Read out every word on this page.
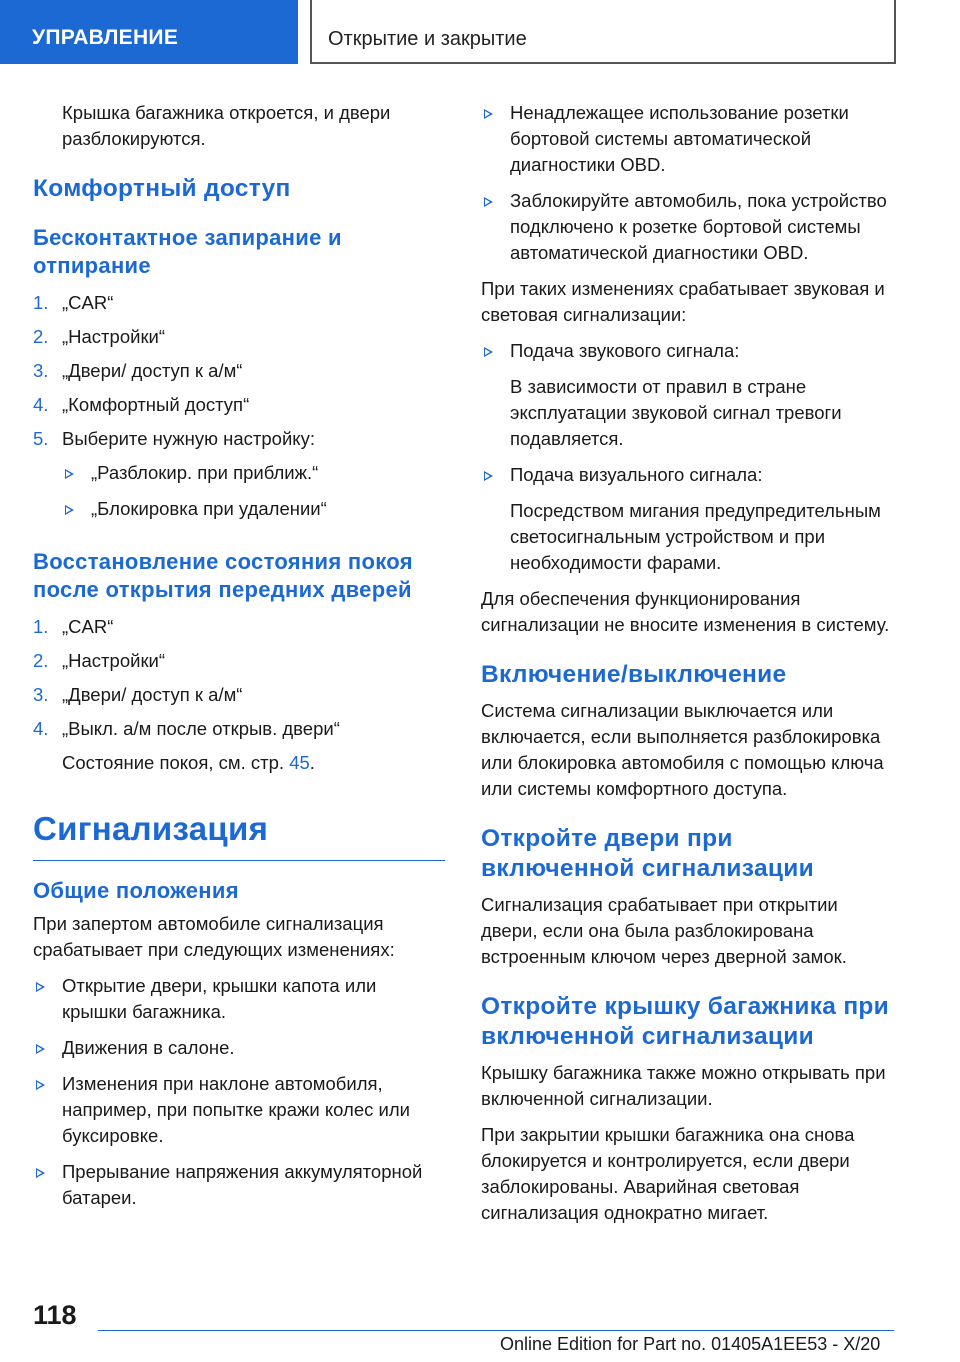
УПРАВЛЕНИЕ	Открытие и закрытие

Крышка багажника откроется, и двери разблокируются.

Комфортный доступ
Бесконтактное запирание и отпирание
1. „CAR“
2. „Настройки“
3. „Двери/ доступ к а/м“
4. „Комфортный доступ“
5. Выберите нужную настройку:
„Разблокир. при приближ.“
„Блокировка при удалении“
Восстановление состояния покоя после открытия передних дверей
1. „CAR“
2. „Настройки“
3. „Двери/ доступ к а/м“
4. „Выкл. а/м после открыв. двери“

Состояние покоя, см. стр. 45.

Сигнализация
Общие положения

При запертом автомобиле сигнализация срабатывает при следующих изменениях:

Открытие двери, крышки капота или крышки багажника.
Движения в салоне.
Изменения при наклоне автомобиля, например, при попытке кражи колес или буксировке.
Прерывание напряжения аккумуляторной батареи.
Ненадлежащее использование розетки бортовой системы автоматической диагностики OBD.
Заблокируйте автомобиль, пока устройство подключено к розетке бортовой системы автоматической диагностики OBD.

При таких изменениях срабатывает звуковая и световая сигнализации:

Подача звукового сигнала:

В зависимости от правил в стране эксплуатации звуковой сигнал тревоги подавляется.

Подача визуального сигнала:

Посредством мигания предупредительным светосигнальным устройством и при необходимости фарами.

Для обеспечения функционирования сигнализации не вносите изменения в систему.

Включение/выключение

Система сигнализации выключается или включается, если выполняется разблокировка или блокировка автомобиля с помощью ключа или системы комфортного доступа.

Откройте двери при включенной сигнализации

Сигнализация срабатывает при открытии двери, если она была разблокирована встроенным ключом через дверной замок.

Откройте крышку багажника при включенной сигнализации

Крышку багажника также можно открывать при включенной сигнализации.

При закрытии крышки багажника она снова блокируется и контролируется, если двери заблокированы. Аварийная световая сигнализация однократно мигает.

118
Online Edition for Part no. 01405A1EE53 - X/20
